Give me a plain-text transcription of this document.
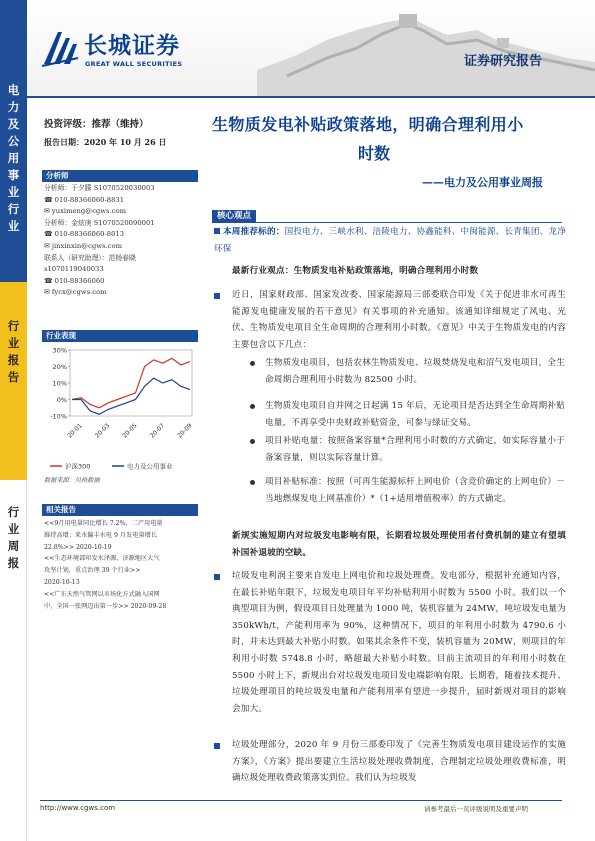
电
力
及
公
用
事
业
行
业
行
业
报
告
行
业
周
报
长城证券
GREAT WALL SECURITIES	证券研究报告
投资评级：推荐（维持）
报告日期：2020 年 10 月 26 日
生物质发电补贴政策落地，明确合理利用小
时数
——电力及公用事业周报
分析师
分析师：于夕朦 S1070520030003
☎ 010-88366060-8831
✉ yuximeng@cgws.com
分析师：金炫庚 S1070520090001
☎ 010-88366060-8013
✉ jinxinxin@cgws.com
联系人（研究助理）：范杨春晓
s1070119040033
☎ 010-88366060
✉ fycx@cgws.com
行业表现
30%
20%
10%
0%
-10%
20-01 20-03 20-05 20-07 20-09
沪深300	电力及公用事业
数据来源：贝格数据
相关报告
<<9月用电量同比增长 7.2%，二产用电量
维持高增；来水偏丰水电 9 月发电量增长
22.8%>> 2020-10-19
<<生态环境部印发水泽源、济源地区大气
攻坚计划，重点治理 39 个行业>>
2020-10-13
<<广东天然气管网以市场化方式融入国网
中，全国一张网迈出第一步>> 2020-09-28
核心观点
本周推荐标的：国投电力、三峡水利、涪陵电力、协鑫能科、中闽能源、长青集团、龙净环保
最新行业观点：生物质发电补贴政策落地，明确合理利用小时数
近日，国家财政部、国家发改委、国家能源局三部委联合印发《关于促进非水可再生能源发电健康发展的若干意见》有关事项的补充通知。该通知详细规定了风电、光伏、生物质发电项目全生命周期的合理利用小时数。《意见》中关于生物质发电的内容主要包含以下几点：
生物质发电项目，包括农林生物质发电、垃圾焚烧发电和沼气发电项目，全生命周期合理利用小时数为 82500 小时。
生物质发电项目自并网之日起满 15 年后，无论项目是否达到全生命周期补贴电量，不再享受中央财政补贴资金，可参与绿证交易。
项目补贴电量：按照备案容量*合理利用小时数的方式确定，如实际容量小于备案容量，则以实际容量计算。
项目补贴标准：按照（可再生能源标杆上网电价（含竞价确定的上网电价）－当地燃煤发电上网基准价）*（1+适用增值税率）的方式确定。
新规实施短期内对垃圾发电影响有限，长期看垃圾处理使用者付费机制的建立有望填补国补退坡的空缺。
垃圾发电利润主要来自发电上网电价和垃圾处理费。发电部分，根据补充通知内容，在最长补贴年限下，垃圾发电项目年平均补贴利用小时数为 5500 小时。我们以一个典型项目为例，假设项目日处理量为 1000 吨，装机容量为 24MW，吨垃圾发电量为 350kWh/t，产能利用率为 90%，这种情况下，项目的年利用小时数为 4790.6 小时，并未达到最大补贴小时数。如果其余条件不变，装机容量为 20MW，则项目的年利用小时数 5748.8 小时，略超最大补贴小时数。目前主流项目的年利用小时数在 5500 小时上下，新规出台对垃圾发电项目发电端影响有限。长期看，随着技术提升、垃圾处理项目的吨垃圾发电量和产能利用率有望进一步提升，届时新规对项目的影响会加大。
垃圾处理部分，2020 年 9 月份三部委印发了《完善生物质发电项目建设运作的实施方案》，《方案》提出要建立生活垃圾处理收费制度，合理制定垃圾处理收费标准，明确垃圾处理收费政策落实到位。我们认为垃圾发
http://www.cgws.com	请参考最后一页评级说明及重要声明
